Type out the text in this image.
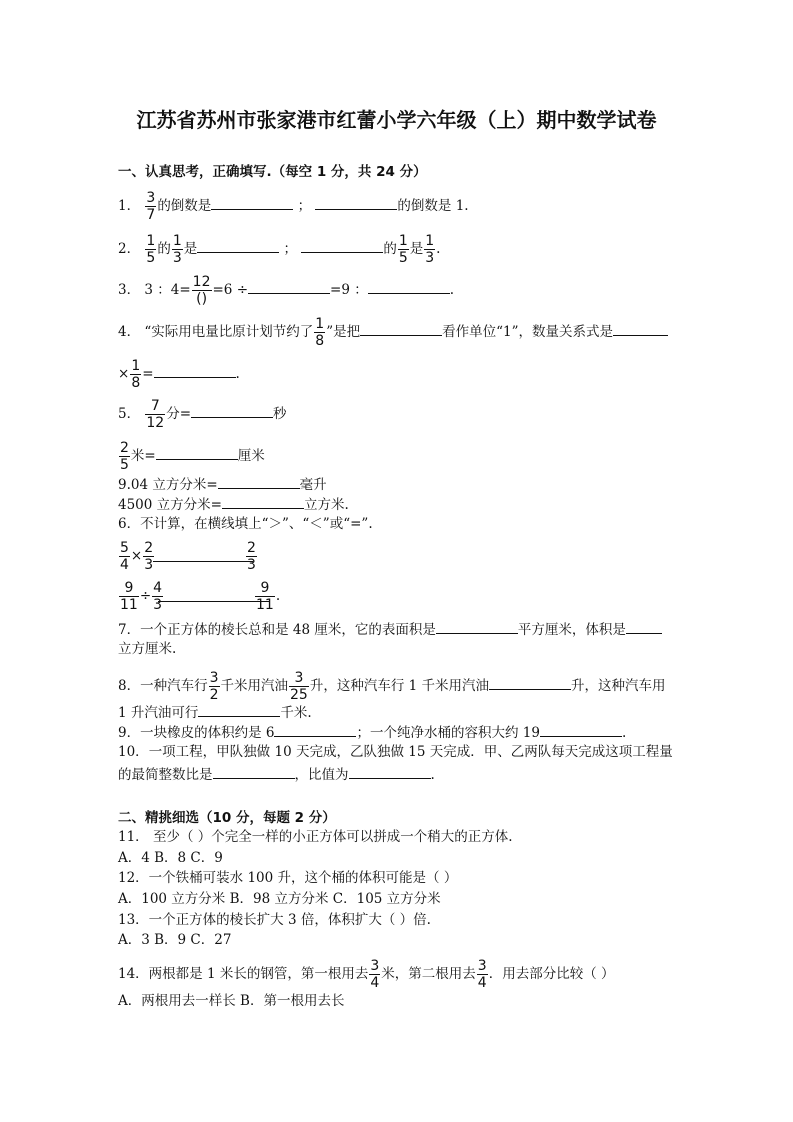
江苏省苏州市张家港市红蕾小学六年级（上）期中数学试卷
一、认真思考，正确填写.（每空 1 分，共 24 分）
1． $\frac{3}{7}$ 的倒数是	；	的倒数是 1.
2． $\frac{1}{5}$ 的 $\frac{1}{3}$ 是	；	的 $\frac{1}{5}$ 是 $\frac{1}{3}$ .
3． 3 ：$4= \frac{12}{()} =6$ ÷	=9 ：	.
4． “实际用电量比原计划节约了 $\frac{1}{8}$ ”是把	看作单位“1”，数量关系式是
× $\frac{1}{8}$ =	.
5． $\frac{7}{12}$ 分=	秒
$\frac{2}{5}$ 米=	厘米
9.04 立方分米=	毫升
4500 立方分米=	立方米.
6．不计算，在横线填上“＞”、“＜”或“=”.
$\frac{5}{4} \times \frac{2}{3}$	$\frac{2}{3}$
$\frac{9}{11} \div \frac{4}{3}$	$\frac{9}{11}$ .
7．一个正方体的棱长总和是 48 厘米，它的表面积是	平方厘米，体积是
立方厘米.
8．一种汽车行 $\frac{3}{2}$ 千米用汽油 $\frac{3}{25}$ 升，这种汽车行 1 千米用汽油	升，这种汽车用
1 升汽油可行	千米.
9．一块橡皮的体积约是 6	；一个纯净水桶的容积大约 19	.
10．一项工程，甲队独做 10 天完成，乙队独做 15 天完成．甲、乙两队每天完成这项工程量
的最简整数比是	，比值为	.
二、精挑细选（10 分，每题 2 分）
11． 至少（ ）个完全一样的小正方体可以拼成一个稍大的正方体.
A．4 B．8 C．9
12．一个铁桶可装水 100 升，这个桶的体积可能是（ ）
A．100 立方分米 B．98 立方分米 C．105 立方分米
13．一个正方体的棱长扩大 3 倍，体积扩大（ ）倍.
A．3 B．9 C．27
14．两根都是 1 米长的钢管，第一根用去 $\frac{3}{4}$ 米，第二根用去 $\frac{3}{4}$ ．用去部分比较（ ）
A．两根用去一样长 B．第一根用去长
